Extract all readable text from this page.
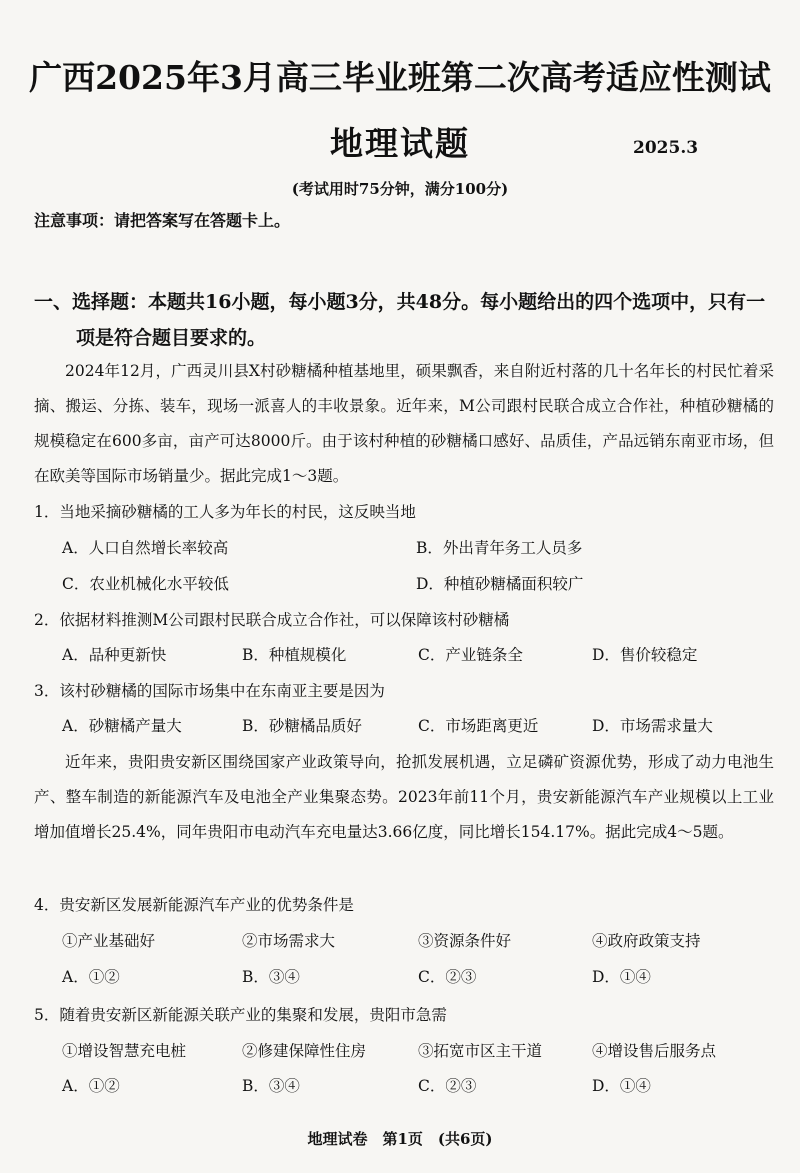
广西2025年3月高三毕业班第二次高考适应性测试
地理试题	2025.3
(考试用时75分钟，满分100分)
注意事项：请把答案写在答题卡上。
一、选择题：本题共16小题，每小题3分，共48分。每小题给出的四个选项中，只有一
项是符合题目要求的。

2024年12月，广西灵川县X村砂糖橘种植基地里，硕果飘香，来自附近村落的几十名年长的村民忙着采摘、搬运、分拣、装车，现场一派喜人的丰收景象。近年来，M公司跟村民联合成立合作社，种植砂糖橘的规模稳定在600多亩，亩产可达8000斤。由于该村种植的砂糖橘口感好、品质佳，产品远销东南亚市场，但在欧美等国际市场销量少。据此完成1～3题。

1．当地采摘砂糖橘的工人多为年长的村民，这反映当地
A．人口自然增长率较高	B．外出青年务工人员多
C．农业机械化水平较低	D．种植砂糖橘面积较广
2．依据材料推测M公司跟村民联合成立合作社，可以保障该村砂糖橘
A．品种更新快	B．种植规模化	C．产业链条全	D．售价较稳定
3．该村砂糖橘的国际市场集中在东南亚主要是因为
A．砂糖橘产量大	B．砂糖橘品质好	C．市场距离更近	D．市场需求量大

近年来，贵阳贵安新区围绕国家产业政策导向，抢抓发展机遇，立足磷矿资源优势，形成了动力电池生产、整车制造的新能源汽车及电池全产业集聚态势。2023年前11个月，贵安新能源汽车产业规模以上工业增加值增长25.4%，同年贵阳市电动汽车充电量达3.66亿度，同比增长154.17%。据此完成4～5题。

4．贵安新区发展新能源汽车产业的优势条件是
①产业基础好	②市场需求大	③资源条件好	④政府政策支持
A．①②	B．③④	C．②③	D．①④
5．随着贵安新区新能源关联产业的集聚和发展，贵阳市急需
①增设智慧充电桩	②修建保障性住房	③拓宽市区主干道	④增设售后服务点
A．①②	B．③④	C．②③	D．①④
地理试卷　第1页　(共6页)
